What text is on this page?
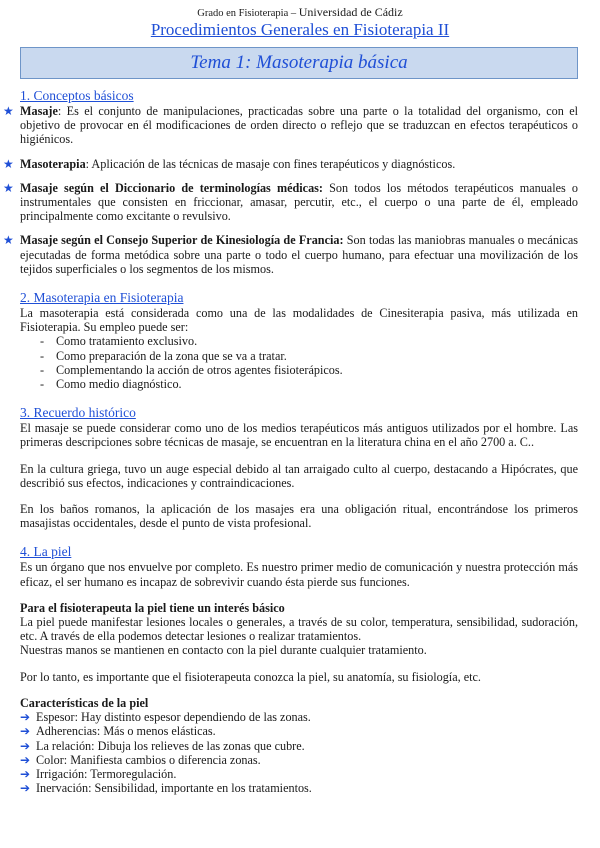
Grado en Fisioterapia – Universidad de Cádiz
Procedimientos Generales en Fisioterapia II
Tema 1: Masoterapia básica
1. Conceptos básicos
★ Masaje: Es el conjunto de manipulaciones, practicadas sobre una parte o la totalidad del organismo, con el objetivo de provocar en él modificaciones de orden directo o reflejo que se traduzcan en efectos terapéuticos o higiénicos.
★ Masoterapia: Aplicación de las técnicas de masaje con fines terapéuticos y diagnósticos.
★ Masaje según el Diccionario de terminologías médicas: Son todos los métodos terapéuticos manuales o instrumentales que consisten en friccionar, amasar, percutir, etc., el cuerpo o una parte de él, empleado principalmente como excitante o revulsivo.
★ Masaje según el Consejo Superior de Kinesiología de Francia: Son todas las maniobras manuales o mecánicas ejecutadas de forma metódica sobre una parte o todo el cuerpo humano, para efectuar una movilización de los tejidos superficiales o los segmentos de los mismos.
2. Masoterapia en Fisioterapia

La masoterapia está considerada como una de las modalidades de Cinesiterapia pasiva, más utilizada en Fisioterapia. Su empleo puede ser:

- Como tratamiento exclusivo.
- Como preparación de la zona que se va a tratar.
- Complementando la acción de otros agentes fisioterápicos.
- Como medio diagnóstico.
3. Recuerdo histórico

El masaje se puede considerar como uno de los medios terapéuticos más antiguos utilizados por el hombre. Las primeras descripciones sobre técnicas de masaje, se encuentran en la literatura china en el año 2700 a. C..

En la cultura griega, tuvo un auge especial debido al tan arraigado culto al cuerpo, destacando a Hipócrates, que describió sus efectos, indicaciones y contraindicaciones.

En los baños romanos, la aplicación de los masajes era una obligación ritual, encontrándose los primeros masajistas occidentales, desde el punto de vista profesional.

4. La piel

Es un órgano que nos envuelve por completo. Es nuestro primer medio de comunicación y nuestra protección más eficaz, el ser humano es incapaz de sobrevivir cuando ésta pierde sus funciones.

Para el fisioterapeuta la piel tiene un interés básico

La piel puede manifestar lesiones locales o generales, a través de su color, temperatura, sensibilidad, sudoración, etc. A través de ella podemos detectar lesiones o realizar tratamientos.

Nuestras manos se mantienen en contacto con la piel durante cualquier tratamiento.

Por lo tanto, es importante que el fisioterapeuta conozca la piel, su anatomía, su fisiología, etc.

Características de la piel
➔ Espesor: Hay distinto espesor dependiendo de las zonas.
➔ Adherencias: Más o menos elásticas.
➔ La relación: Dibuja los relieves de las zonas que cubre.
➔ Color: Manifiesta cambios o diferencia zonas.
➔ Irrigación: Termoregulación.
➔ Inervación: Sensibilidad, importante en los tratamientos.
